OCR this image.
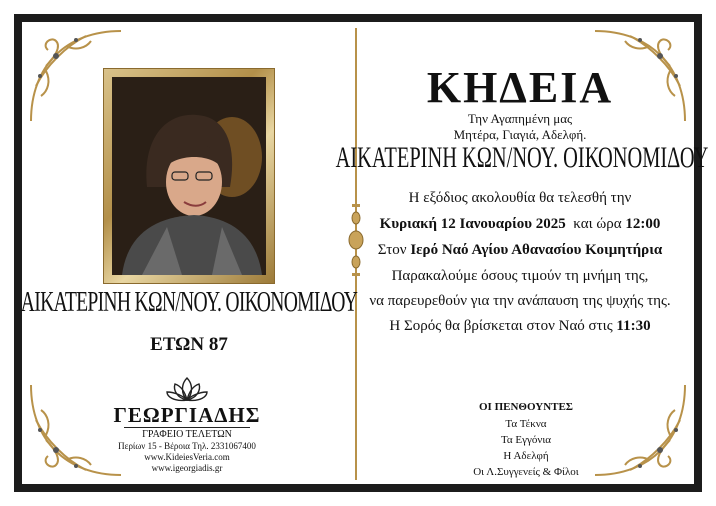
ΑΙΚΑΤΕΡΙΝΗ ΚΩΝ/ΝΟΥ. ΟΙΚΟΝΟΜΙΔΟΥ
ΕΤΩΝ 87
ΓΕΩΡΓΙΑΔΗΣ
ΓΡΑΦΕΙΟ ΤΕΛΕΤΩΝ
Περίων 15 - Βέροια Τηλ. 2331067400
www.KideiesVeria.com
www.igeorgiadis.gr
ΚΗΔΕΙΑ
Την Αγαπημένη μας
Μητέρα, Γιαγιά, Αδελφή.
ΑΙΚΑΤΕΡΙΝΗ ΚΩΝ/ΝΟΥ. ΟΙΚΟΝΟΜΙΔΟΥ
Η εξόδιος ακολουθία θα τελεσθή την
Κυριακή 12 Ιανουαρίου 2025 και ώρα 12:00
Στον Ιερό Ναό Αγίου Αθανασίου Κοιμητήρια
Παρακαλούμε όσους τιμούν τη μνήμη της,
να παρευρεθούν για την ανάπαυση της ψυχής της.
Η Σορός θα βρίσκεται στον Ναό στις 11:30
ΟΙ ΠΕΝΘΟΥΝΤΕΣ
Τα Τέκνα
Τα Εγγόνια
Η Αδελφή
Οι Λ.Συγγενείς & Φίλοι
